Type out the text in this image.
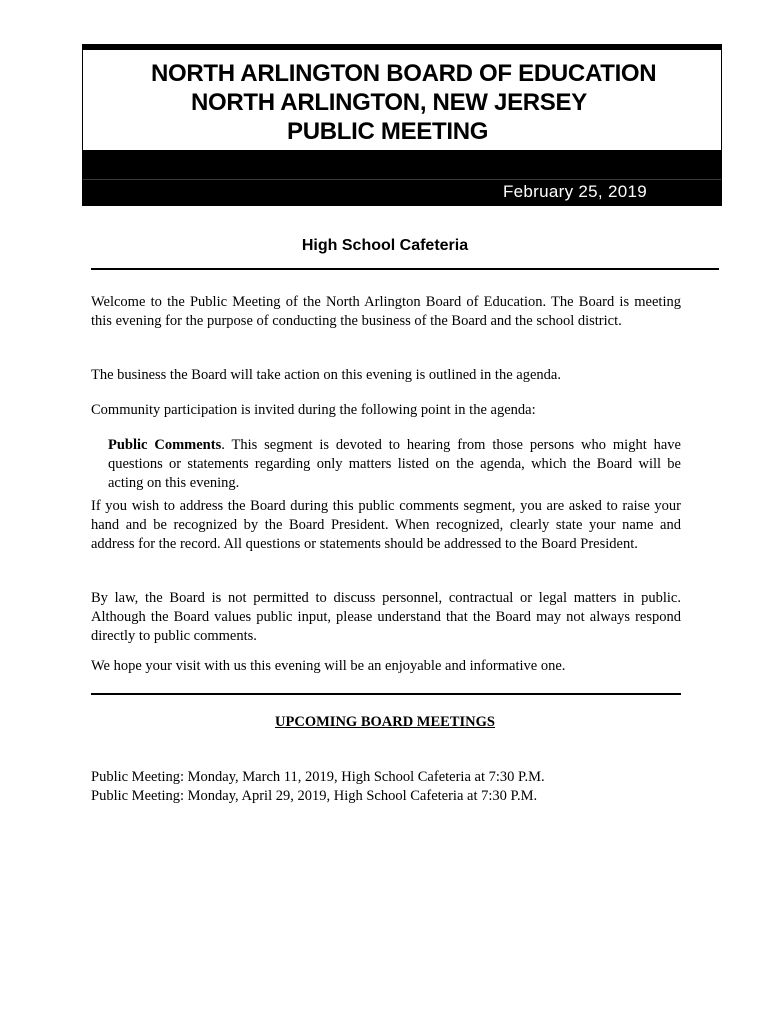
NORTH ARLINGTON BOARD OF EDUCATION
NORTH ARLINGTON, NEW JERSEY
PUBLIC MEETING
February 25, 2019
High School Cafeteria
Welcome to the Public Meeting of the North Arlington Board of Education. The Board is meeting this evening for the purpose of conducting the business of the Board and the school district.
The business the Board will take action on this evening is outlined in the agenda.
Community participation is invited during the following point in the agenda:
Public Comments. This segment is devoted to hearing from those persons who might have questions or statements regarding only matters listed on the agenda, which the Board will be acting on this evening.
If you wish to address the Board during this public comments segment, you are asked to raise your hand and be recognized by the Board President. When recognized, clearly state your name and address for the record. All questions or statements should be addressed to the Board President.
By law, the Board is not permitted to discuss personnel, contractual or legal matters in public. Although the Board values public input, please understand that the Board may not always respond directly to public comments.
We hope your visit with us this evening will be an enjoyable and informative one.
UPCOMING BOARD MEETINGS
Public Meeting: Monday, March 11, 2019, High School Cafeteria at 7:30 P.M.
Public Meeting: Monday, April 29, 2019, High School Cafeteria at 7:30 P.M.
